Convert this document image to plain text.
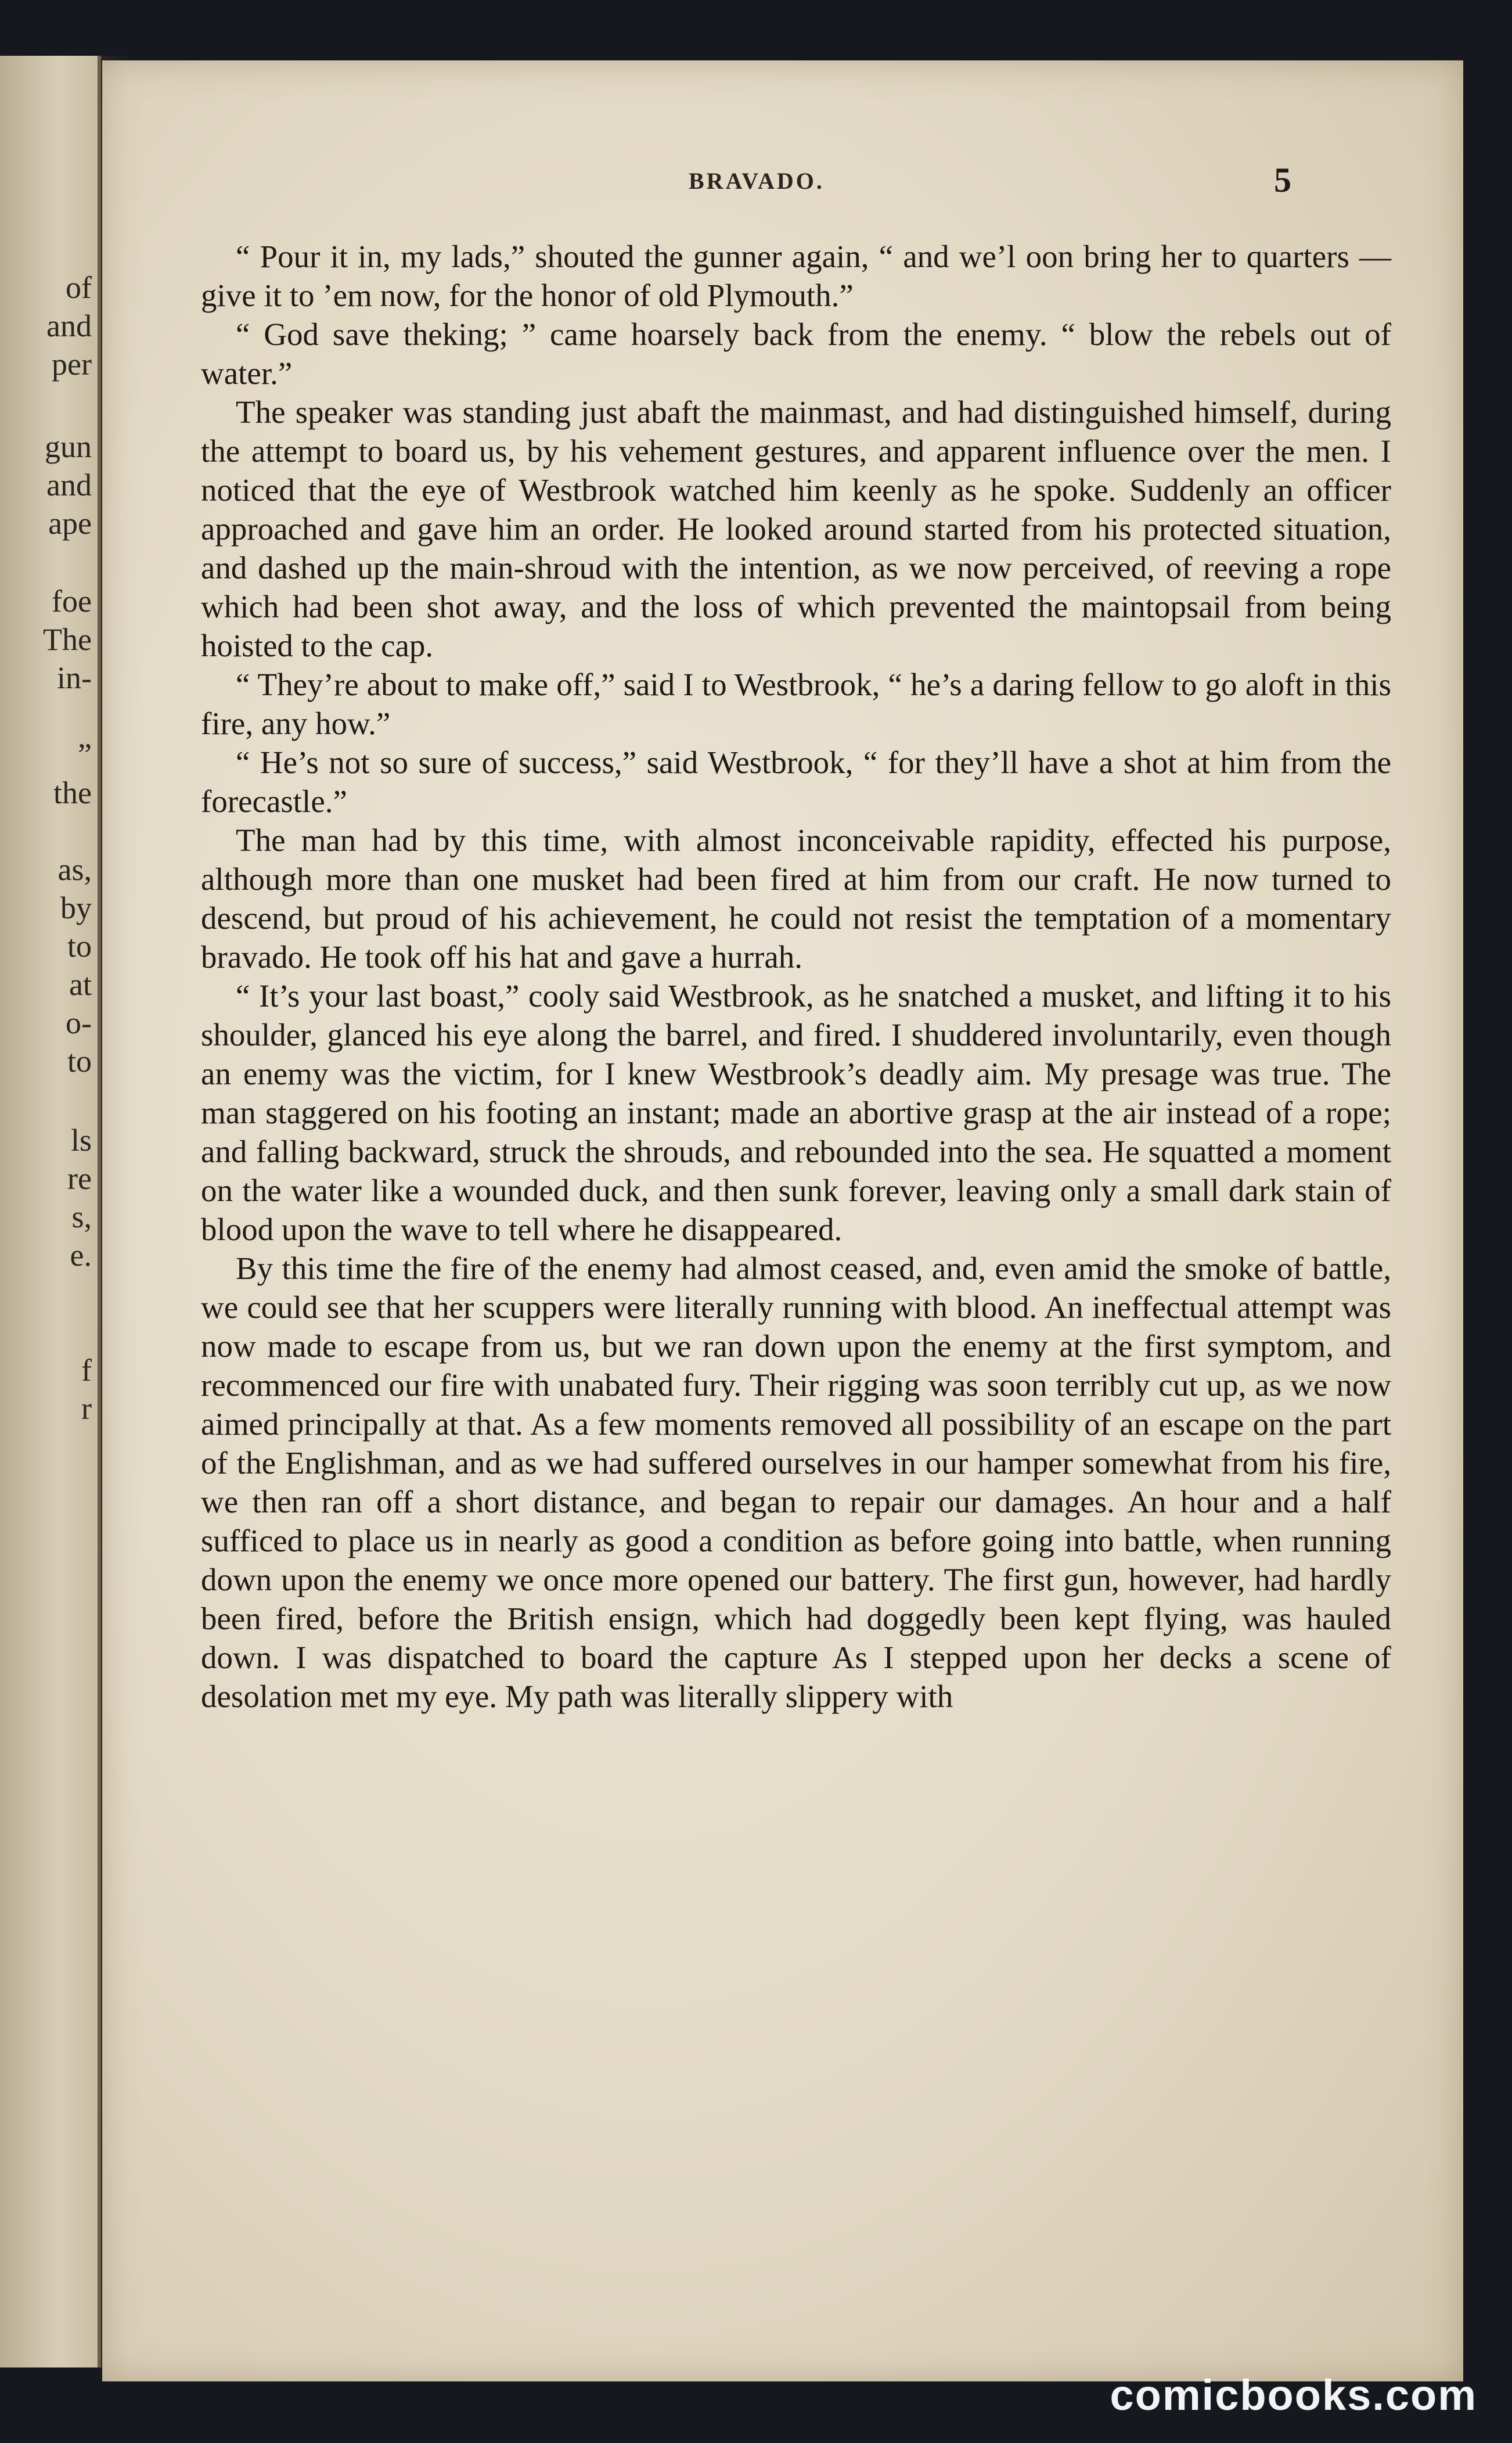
of
and
per
gun
and
ape
foe
The
in-
”
the
as,
by
to
at
o-
to
ls
re
s,
e.
f
r
BRAVADO.	5

“ Pour it in, my lads,” shouted the gunner again, “ and we’l oon bring her to quarters — give it to ’em now, for the honor of old Plymouth.”

“ God save theking; ” came hoarsely back from the enemy. “ blow the rebels out of water.”

The speaker was standing just abaft the mainmast, and had distinguished himself, during the attempt to board us, by his vehement gestures, and apparent influence over the men. I noticed that the eye of Westbrook watched him keenly as he spoke. Suddenly an officer approached and gave him an order. He looked around started from his protected situation, and dashed up the main-shroud with the intention, as we now perceived, of reeving a rope which had been shot away, and the loss of which prevented the maintopsail from being hoisted to the cap.

“ They’re about to make off,” said I to Westbrook, “ he’s a daring fellow to go aloft in this fire, any how.”

“ He’s not so sure of success,” said Westbrook, “ for they’ll have a shot at him from the forecastle.”

The man had by this time, with almost inconceivable rapidity, effected his purpose, although more than one musket had been fired at him from our craft. He now turned to descend, but proud of his achievement, he could not resist the temptation of a momentary bravado. He took off his hat and gave a hurrah.

“ It’s your last boast,” cooly said Westbrook, as he snatched a musket, and lifting it to his shoulder, glanced his eye along the barrel, and fired. I shuddered involuntarily, even though an enemy was the victim, for I knew Westbrook’s deadly aim. My presage was true. The man staggered on his footing an instant; made an abortive grasp at the air instead of a rope; and falling backward, struck the shrouds, and rebounded into the sea. He squatted a moment on the water like a wounded duck, and then sunk forever, leaving only a small dark stain of blood upon the wave to tell where he disappeared.

By this time the fire of the enemy had almost ceased, and, even amid the smoke of battle, we could see that her scuppers were literally running with blood. An ineffectual attempt was now made to escape from us, but we ran down upon the enemy at the first symptom, and recommenced our fire with unabated fury. Their rigging was soon terribly cut up, as we now aimed principally at that. As a few moments removed all possibility of an escape on the part of the Englishman, and as we had suffered ourselves in our hamper somewhat from his fire, we then ran off a short distance, and began to repair our damages. An hour and a half sufficed to place us in nearly as good a condition as before going into battle, when running down upon the enemy we once more opened our battery. The first gun, however, had hardly been fired, before the British ensign, which had doggedly been kept flying, was hauled down. I was dispatched to board the capture As I stepped upon her decks a scene of desolation met my eye. My path was literally slippery with

comicbooks.com
